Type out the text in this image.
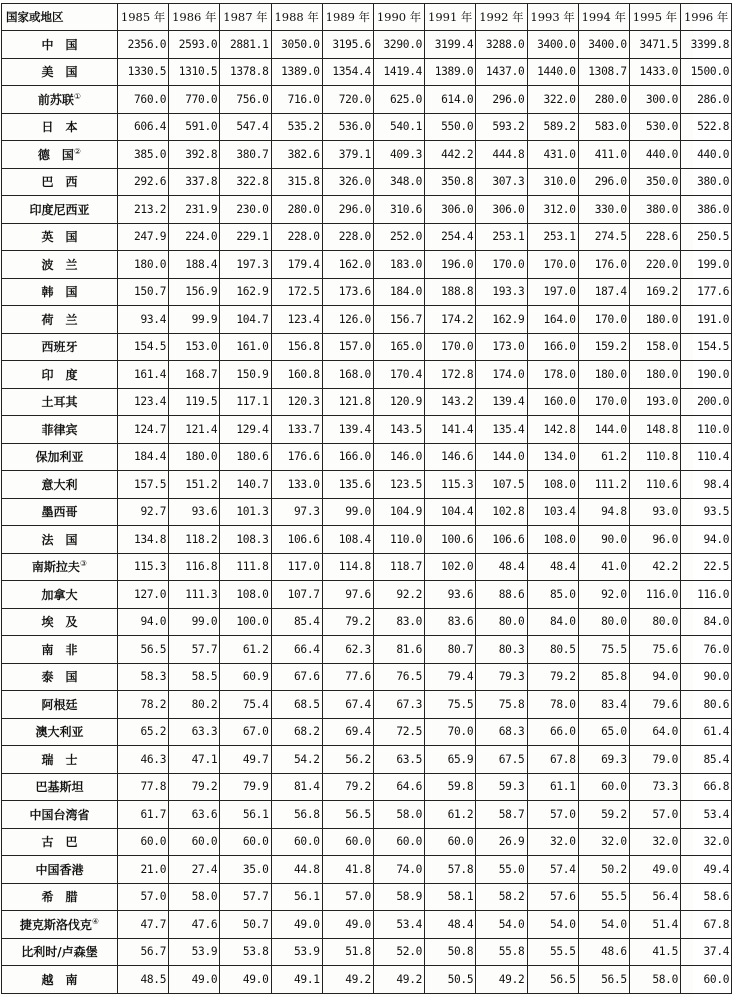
国家或地区	1985 年	1986 年	1987 年	1988 年	1989 年	1990 年	1991 年	1992 年	1993 年	1994 年	1995 年	1996 年
中　国	2356.0	2593.0	2881.1	3050.0	3195.6	3290.0	3199.4	3288.0	3400.0	3400.0	3471.5	3399.8
美　国	1330.5	1310.5	1378.8	1389.0	1354.4	1419.4	1389.0	1437.0	1440.0	1308.7	1433.0	1500.0
前苏联①	760.0	770.0	756.0	716.0	720.0	625.0	614.0	296.0	322.0	280.0	300.0	286.0
日　本	606.4	591.0	547.4	535.2	536.0	540.1	550.0	593.2	589.2	583.0	530.0	522.8
德　国②	385.0	392.8	380.7	382.6	379.1	409.3	442.2	444.8	431.0	411.0	440.0	440.0
巴　西	292.6	337.8	322.8	315.8	326.0	348.0	350.8	307.3	310.0	296.0	350.0	380.0
印度尼西亚	213.2	231.9	230.0	280.0	296.0	310.6	306.0	306.0	312.0	330.0	380.0	386.0
英　国	247.9	224.0	229.1	228.0	228.0	252.0	254.4	253.1	253.1	274.5	228.6	250.5
波　兰	180.0	188.4	197.3	179.4	162.0	183.0	196.0	170.0	170.0	176.0	220.0	199.0
韩　国	150.7	156.9	162.9	172.5	173.6	184.0	188.8	193.3	197.0	187.4	169.2	177.6
荷　兰	93.4	99.9	104.7	123.4	126.0	156.7	174.2	162.9	164.0	170.0	180.0	191.0
西班牙	154.5	153.0	161.0	156.8	157.0	165.0	170.0	173.0	166.0	159.2	158.0	154.5
印　度	161.4	168.7	150.9	160.8	168.0	170.4	172.8	174.0	178.0	180.0	180.0	190.0
土耳其	123.4	119.5	117.1	120.3	121.8	120.9	143.2	139.4	160.0	170.0	193.0	200.0
菲律宾	124.7	121.4	129.4	133.7	139.4	143.5	141.4	135.4	142.8	144.0	148.8	110.0
保加利亚	184.4	180.0	180.6	176.6	166.0	146.0	146.6	144.0	134.0	61.2	110.8	110.4
意大利	157.5	151.2	140.7	133.0	135.6	123.5	115.3	107.5	108.0	111.2	110.6	98.4
墨西哥	92.7	93.6	101.3	97.3	99.0	104.9	104.4	102.8	103.4	94.8	93.0	93.5
法　国	134.8	118.2	108.3	106.6	108.4	110.0	100.6	106.6	108.0	90.0	96.0	94.0
南斯拉夫③	115.3	116.8	111.8	117.0	114.8	118.7	102.0	48.4	48.4	41.0	42.2	22.5
加拿大	127.0	111.3	108.0	107.7	97.6	92.2	93.6	88.6	85.0	92.0	116.0	116.0
埃　及	94.0	99.0	100.0	85.4	79.2	83.0	83.6	80.0	84.0	80.0	80.0	84.0
南　非	56.5	57.7	61.2	66.4	62.3	81.6	80.7	80.3	80.5	75.5	75.6	76.0
泰　国	58.3	58.5	60.9	67.6	77.6	76.5	79.4	79.3	79.2	85.8	94.0	90.0
阿根廷	78.2	80.2	75.4	68.5	67.4	67.3	75.5	75.8	78.0	83.4	79.6	80.6
澳大利亚	65.2	63.3	67.0	68.2	69.4	72.5	70.0	68.3	66.0	65.0	64.0	61.4
瑞　士	46.3	47.1	49.7	54.2	56.2	63.5	65.9	67.5	67.8	69.3	79.0	85.4
巴基斯坦	77.8	79.2	79.9	81.4	79.2	64.6	59.8	59.3	61.1	60.0	73.3	66.8
中国台湾省	61.7	63.6	56.1	56.8	56.5	58.0	61.2	58.7	57.0	59.2	57.0	53.4
古　巴	60.0	60.0	60.0	60.0	60.0	60.0	60.0	26.9	32.0	32.0	32.0	32.0
中国香港	21.0	27.4	35.0	44.8	41.8	74.0	57.8	55.0	57.4	50.2	49.0	49.4
希　腊	57.0	58.0	57.7	56.1	57.0	58.9	58.1	58.2	57.6	55.5	56.4	58.6
捷克斯洛伐克④	47.7	47.6	50.7	49.0	49.0	53.4	48.4	54.0	54.0	54.0	51.4	67.8
比利时/卢森堡	56.7	53.9	53.8	53.9	51.8	52.0	50.8	55.8	55.5	48.6	41.5	37.4
越　南	48.5	49.0	49.0	49.1	49.2	49.2	50.5	49.2	56.5	56.5	58.0	60.0
